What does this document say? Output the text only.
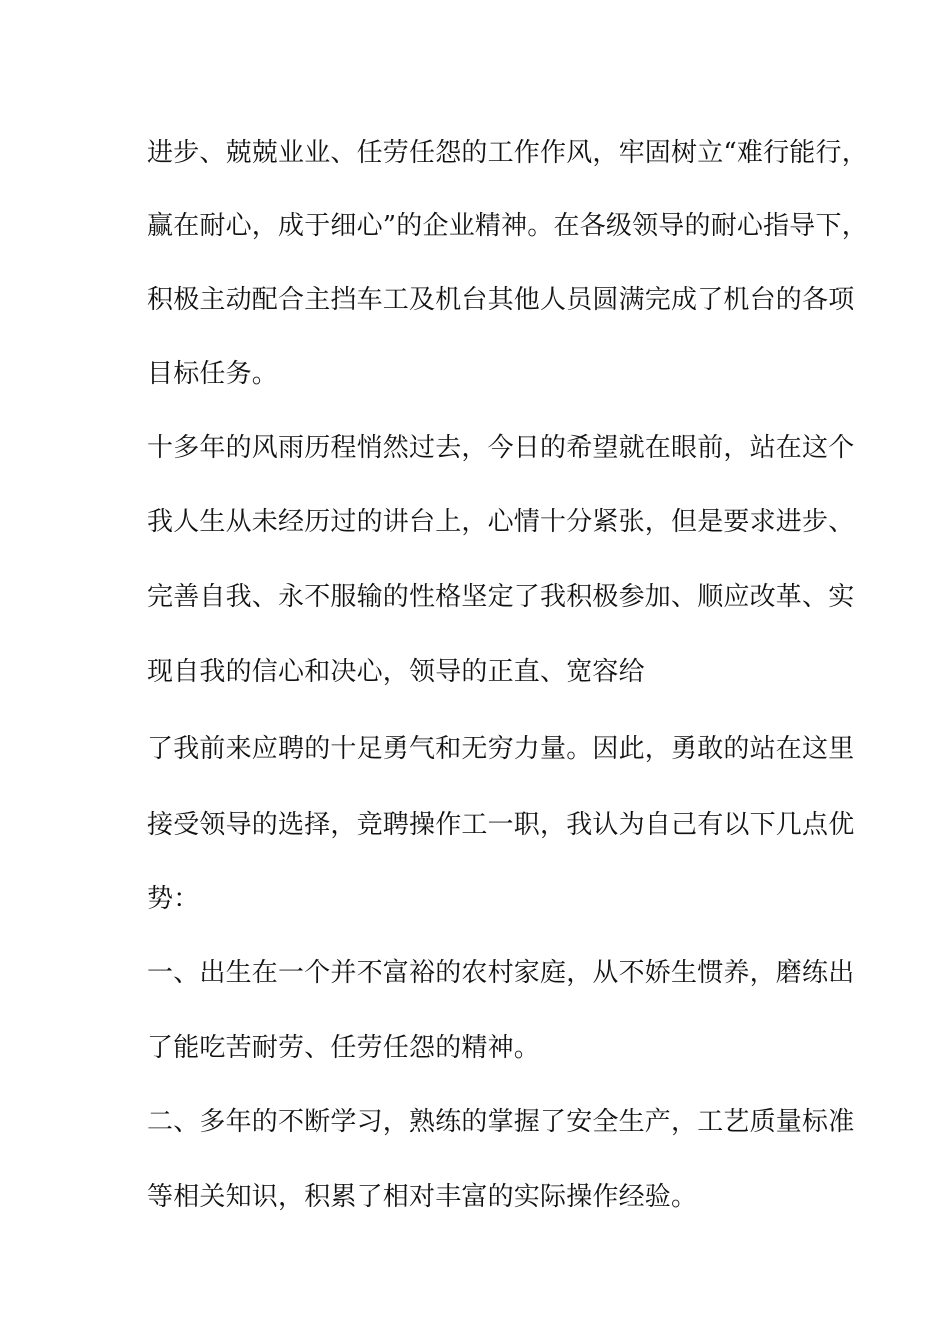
进步、兢兢业业、任劳任怨的工作作风，牢固树立“难行能行，

赢在耐心，成于细心”的企业精神。在各级领导的耐心指导下，

积极主动配合主挡车工及机台其他人员圆满完成了机台的各项

目标任务。

十多年的风雨历程悄然过去，今日的希望就在眼前，站在这个

我人生从未经历过的讲台上，心情十分紧张，但是要求进步、

完善自我、永不服输的性格坚定了我积极参加、顺应改革、实

现自我的信心和决心，领导的正直、宽容给

了我前来应聘的十足勇气和无穷力量。因此，勇敢的站在这里

接受领导的选择，竞聘操作工一职，我认为自己有以下几点优

势：

一、出生在一个并不富裕的农村家庭，从不娇生惯养，磨练出

了能吃苦耐劳、任劳任怨的精神。

二、多年的不断学习，熟练的掌握了安全生产，工艺质量标准

等相关知识，积累了相对丰富的实际操作经验。
